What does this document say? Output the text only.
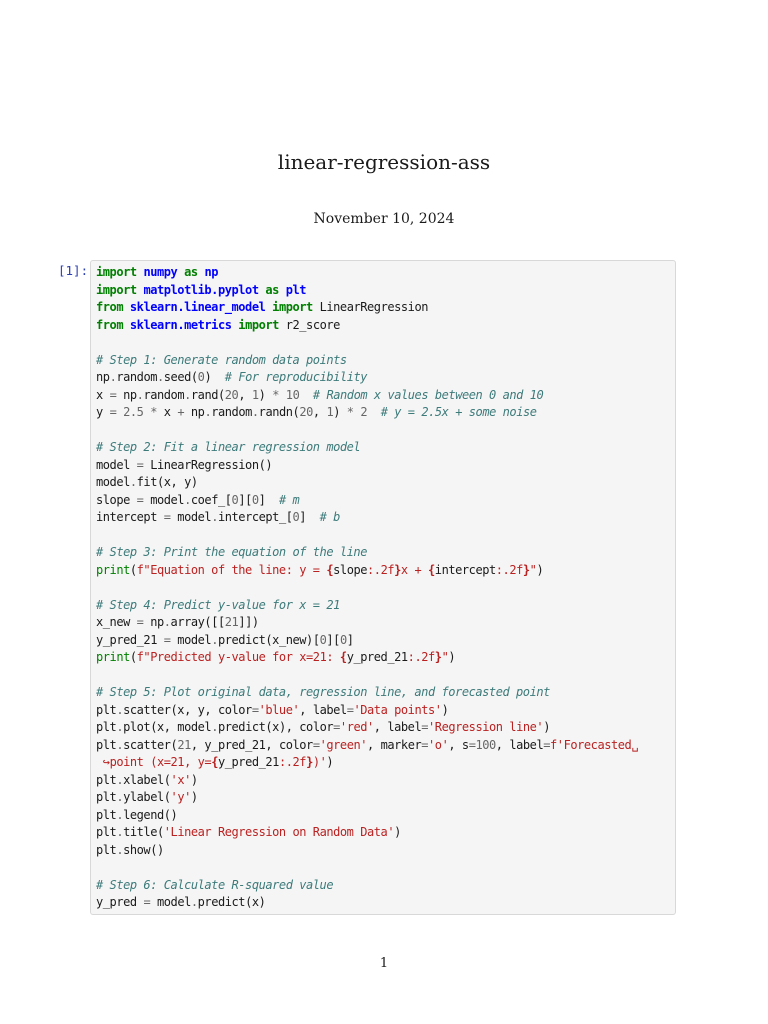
linear-regression-ass
November 10, 2024
[1]: import numpy as np
import matplotlib.pyplot as plt
from sklearn.linear_model import LinearRegression
from sklearn.metrics import r2_score

# Step 1: Generate random data points
np.random.seed(0)  # For reproducibility
x = np.random.rand(20, 1) * 10 # Random x values between 0 and 10
y = 2.5 * x + np.random.randn(20, 1) * 2 # y = 2.5x + some noise

# Step 2: Fit a linear regression model
model = LinearRegression()
model.fit(x, y)
slope = model.coef_[0][0]  # m
intercept = model.intercept_[0]  # b

# Step 3: Print the equation of the line
print(f"Equation of the line: y = {slope:.2f}x + {intercept:.2f}")

# Step 4: Predict y-value for x = 21
x_new = np.array([[21]])
y_pred_21 = model.predict(x_new)[0][0]
print(f"Predicted y-value for x=21: {y_pred_21:.2f}")

# Step 5: Plot original data, regression line, and forecasted point
plt.scatter(x, y, color='blue', label='Data points')
plt.plot(x, model.predict(x), color='red', label='Regression line')
plt.scatter(21, y_pred_21, color='green', marker='o', s=100, label=f'Forecasted␣
↪point (x=21, y={y_pred_21:.2f})')
plt.xlabel('x')
plt.ylabel('y')
plt.legend()
plt.title('Linear Regression on Random Data')
plt.show()

# Step 6: Calculate R-squared value
y_pred = model.predict(x)
1
